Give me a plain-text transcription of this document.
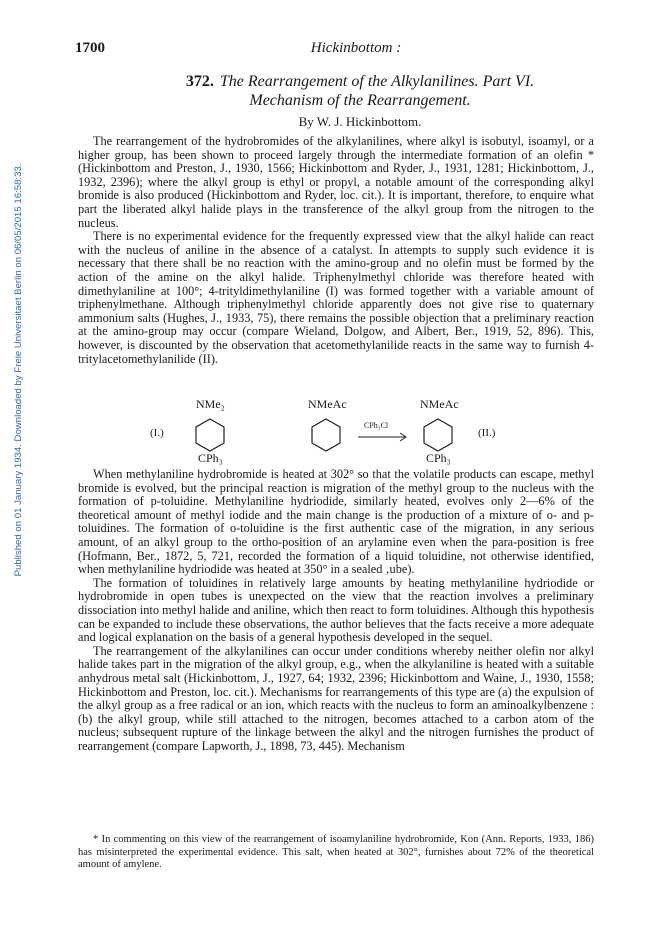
Published on 01 January 1934. Downloaded by Freie Universitaet Berlin on 06/05/2015 16:58:33.
1700	Hickinbottom :
372. The Rearrangement of the Alkylanilines. Part VI.
Mechanism of the Rearrangement.
By W. J. Hickinbottom.

The rearrangement of the hydrobromides of the alkylanilines, where alkyl is isobutyl, isoamyl, or a higher group, has been shown to proceed largely through the intermediate formation of an olefin * (Hickinbottom and Preston, J., 1930, 1566; Hickinbottom and Ryder, J., 1931, 1281; Hickinbottom, J., 1932, 2396); where the alkyl group is ethyl or propyl, a notable amount of the corresponding alkyl bromide is also produced (Hickinbottom and Ryder, loc. cit.). It is important, therefore, to enquire what part the liberated alkyl halide plays in the transference of the alkyl group from the nitrogen to the nucleus.

There is no experimental evidence for the frequently expressed view that the alkyl halide can react with the nucleus of aniline in the absence of a catalyst. In attempts to supply such evidence it is necessary that there shall be no reaction with the amino-group and no olefin must be formed by the action of the amine on the alkyl halide. Triphenylmethyl chloride was therefore heated with dimethylaniline at 100°; 4-trityldimethylaniline (I) was formed together with a variable amount of triphenylmethane. Although triphenylmethyl chloride apparently does not give rise to quaternary ammonium salts (Hughes, J., 1933, 75), there remains the possible objection that a preliminary reaction at the amino-group may occur (compare Wieland, Dolgow, and Albert, Ber., 1919, 52, 896). This, however, is discounted by the observation that acetomethylanilide reacts in the same way to furnish 4-tritylacetomethylanilide (II).

NMe₂
CPh₃
(I.)
NMeAc
CPh₃Cl
NMeAc
CPh₃
(II.)

When methylaniline hydrobromide is heated at 302° so that the volatile products can escape, methyl bromide is evolved, but the principal reaction is migration of the methyl group to the nucleus with the formation of p-toluidine. Methylaniline hydriodide, similarly heated, evolves only 2—6% of the theoretical amount of methyl iodide and the main change is the production of a mixture of o- and p-toluidines. The formation of o-toluidine is the first authentic case of the migration, in any serious amount, of an alkyl group to the ortho-position of an arylamine even when the para-position is free (Hofmann, Ber., 1872, 5, 721, recorded the formation of a liquid toluidine, not otherwise identified, when methylaniline hydriodide was heated at 350° in a sealed ‚ube).

The formation of toluidines in relatively large amounts by heating methylaniline hydriodide or hydrobromide in open tubes is unexpected on the view that the reaction involves a preliminary dissociation into methyl halide and aniline, which then react to form toluidines. Although this hypothesis can be expanded to include these observations, the author believes that the facts receive a more adequate and logical explanation on the basis of a general hypothesis developed in the sequel.

The rearrangement of the alkylanilines can occur under conditions whereby neither olefin nor alkyl halide takes part in the migration of the alkyl group, e.g., when the alkylaniline is heated with a suitable anhydrous metal salt (Hickinbottom, J., 1927, 64; 1932, 2396; Hickinbottom and Waine, J., 1930, 1558; Hickinbottom and Preston, loc. cit.). Mechanisms for rearrangements of this type are (a) the expulsion of the alkyl group as a free radical or an ion, which reacts with the nucleus to form an aminoalkylbenzene : (b) the alkyl group, while still attached to the nitrogen, becomes attached to a carbon atom of the nucleus; subsequent rupture of the linkage between the alkyl and the nitrogen furnishes the product of rearrangement (compare Lapworth, J., 1898, 73, 445). Mechanism

* In commenting on this view of the rearrangement of isoamylaniline hydrobromide, Kon (Ann. Reports, 1933, 186) has misinterpreted the experimental evidence. This salt, when heated at 302°, furnishes about 72% of the theoretical amount of amylene.
